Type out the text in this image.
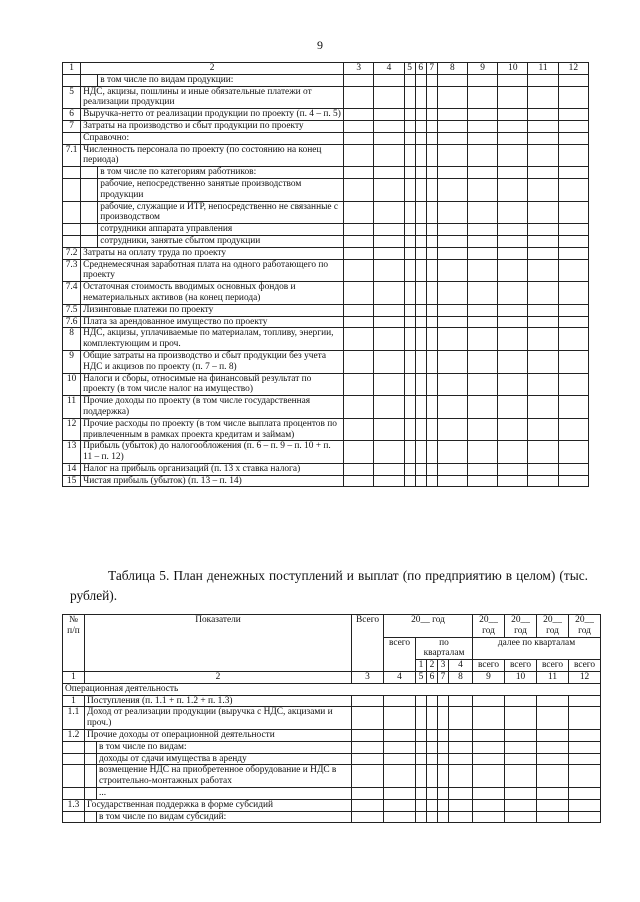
9
1	2		3	4	5	6	7	8	9	10	11	12
		в том числе по видам продукции:										
5	НДС, акцизы, пошлины и иные обязательные платежи от реализации продукции											
6	Выручка-нетто от реализации продукции по проекту (п. 4 – п. 5)											
7	Затраты на производство и сбыт продукции по проекту											
	Справочно:											
7.1	Численность персонала по проекту (по состоянию на конец периода)											
		в том числе по категориям работников:										
		рабочие, непосредственно занятые производством продукции										
		рабочие, служащие и ИТР, непосредственно не связанные с производством										
		сотрудники аппарата управления										
		сотрудники, занятые сбытом продукции										
7.2	Затраты на оплату труда по проекту											
7.3	Среднемесячная заработная плата на одного работающего по проекту											
7.4	Остаточная стоимость вводимых основных фондов и нематериальных активов (на конец периода)											
7.5	Лизинговые платежи по проекту											
7.6	Плата за арендованное имущество по проекту											
8	НДС, акцизы, уплачиваемые по материалам, топливу, энергии, комплектующим и проч.											
9	Общие затраты на производство и сбыт продукции без учета НДС и акцизов по проекту (п. 7 – п. 8)											
10	Налоги и сборы, относимые на финансовый результат по проекту (в том числе налог на имущество)											
11	Прочие доходы по проекту (в том числе государственная поддержка)											
12	Прочие расходы по проекту (в том числе выплата процентов по привлеченным в рамках проекта кредитам и займам)											
13	Прибыль (убыток) до налогообложения (п. 6 – п. 9 – п. 10 + п. 11 – п. 12)											
14	Налог на прибыль организаций (п. 13 х ставка налога)											
15	Чистая прибыль (убыток) (п. 13 – п. 14)											
Таблица 5. План денежных поступлений и выплат (по предприятию в целом) (тыс. рублей).
№ п/п	Показатели		Всего	20__ год					20__ год	20__ год	20__ год	20__ год
				всего	по кварталам				далее по кварталам			
					1	2	3	4	всего	всего	всего	всего
1	2		3	4	5	6	7	8	9	10	11	12
Операционная деятельность												
1	Поступления (п. 1.1 + п. 1.2 + п. 1.3)											
1.1	Доход от реализации продукции (выручка с НДС, акцизами и проч.)											
1.2	Прочие доходы от операционной деятельности											
		в том числе по видам:										
		доходы от сдачи имущества в аренду										
		возмещение НДС на приобретенное оборудование и НДС в строительно-монтажных работах										
		...										
1.3	Государственная поддержка в форме субсидий											
		в том числе по видам субсидий:										
